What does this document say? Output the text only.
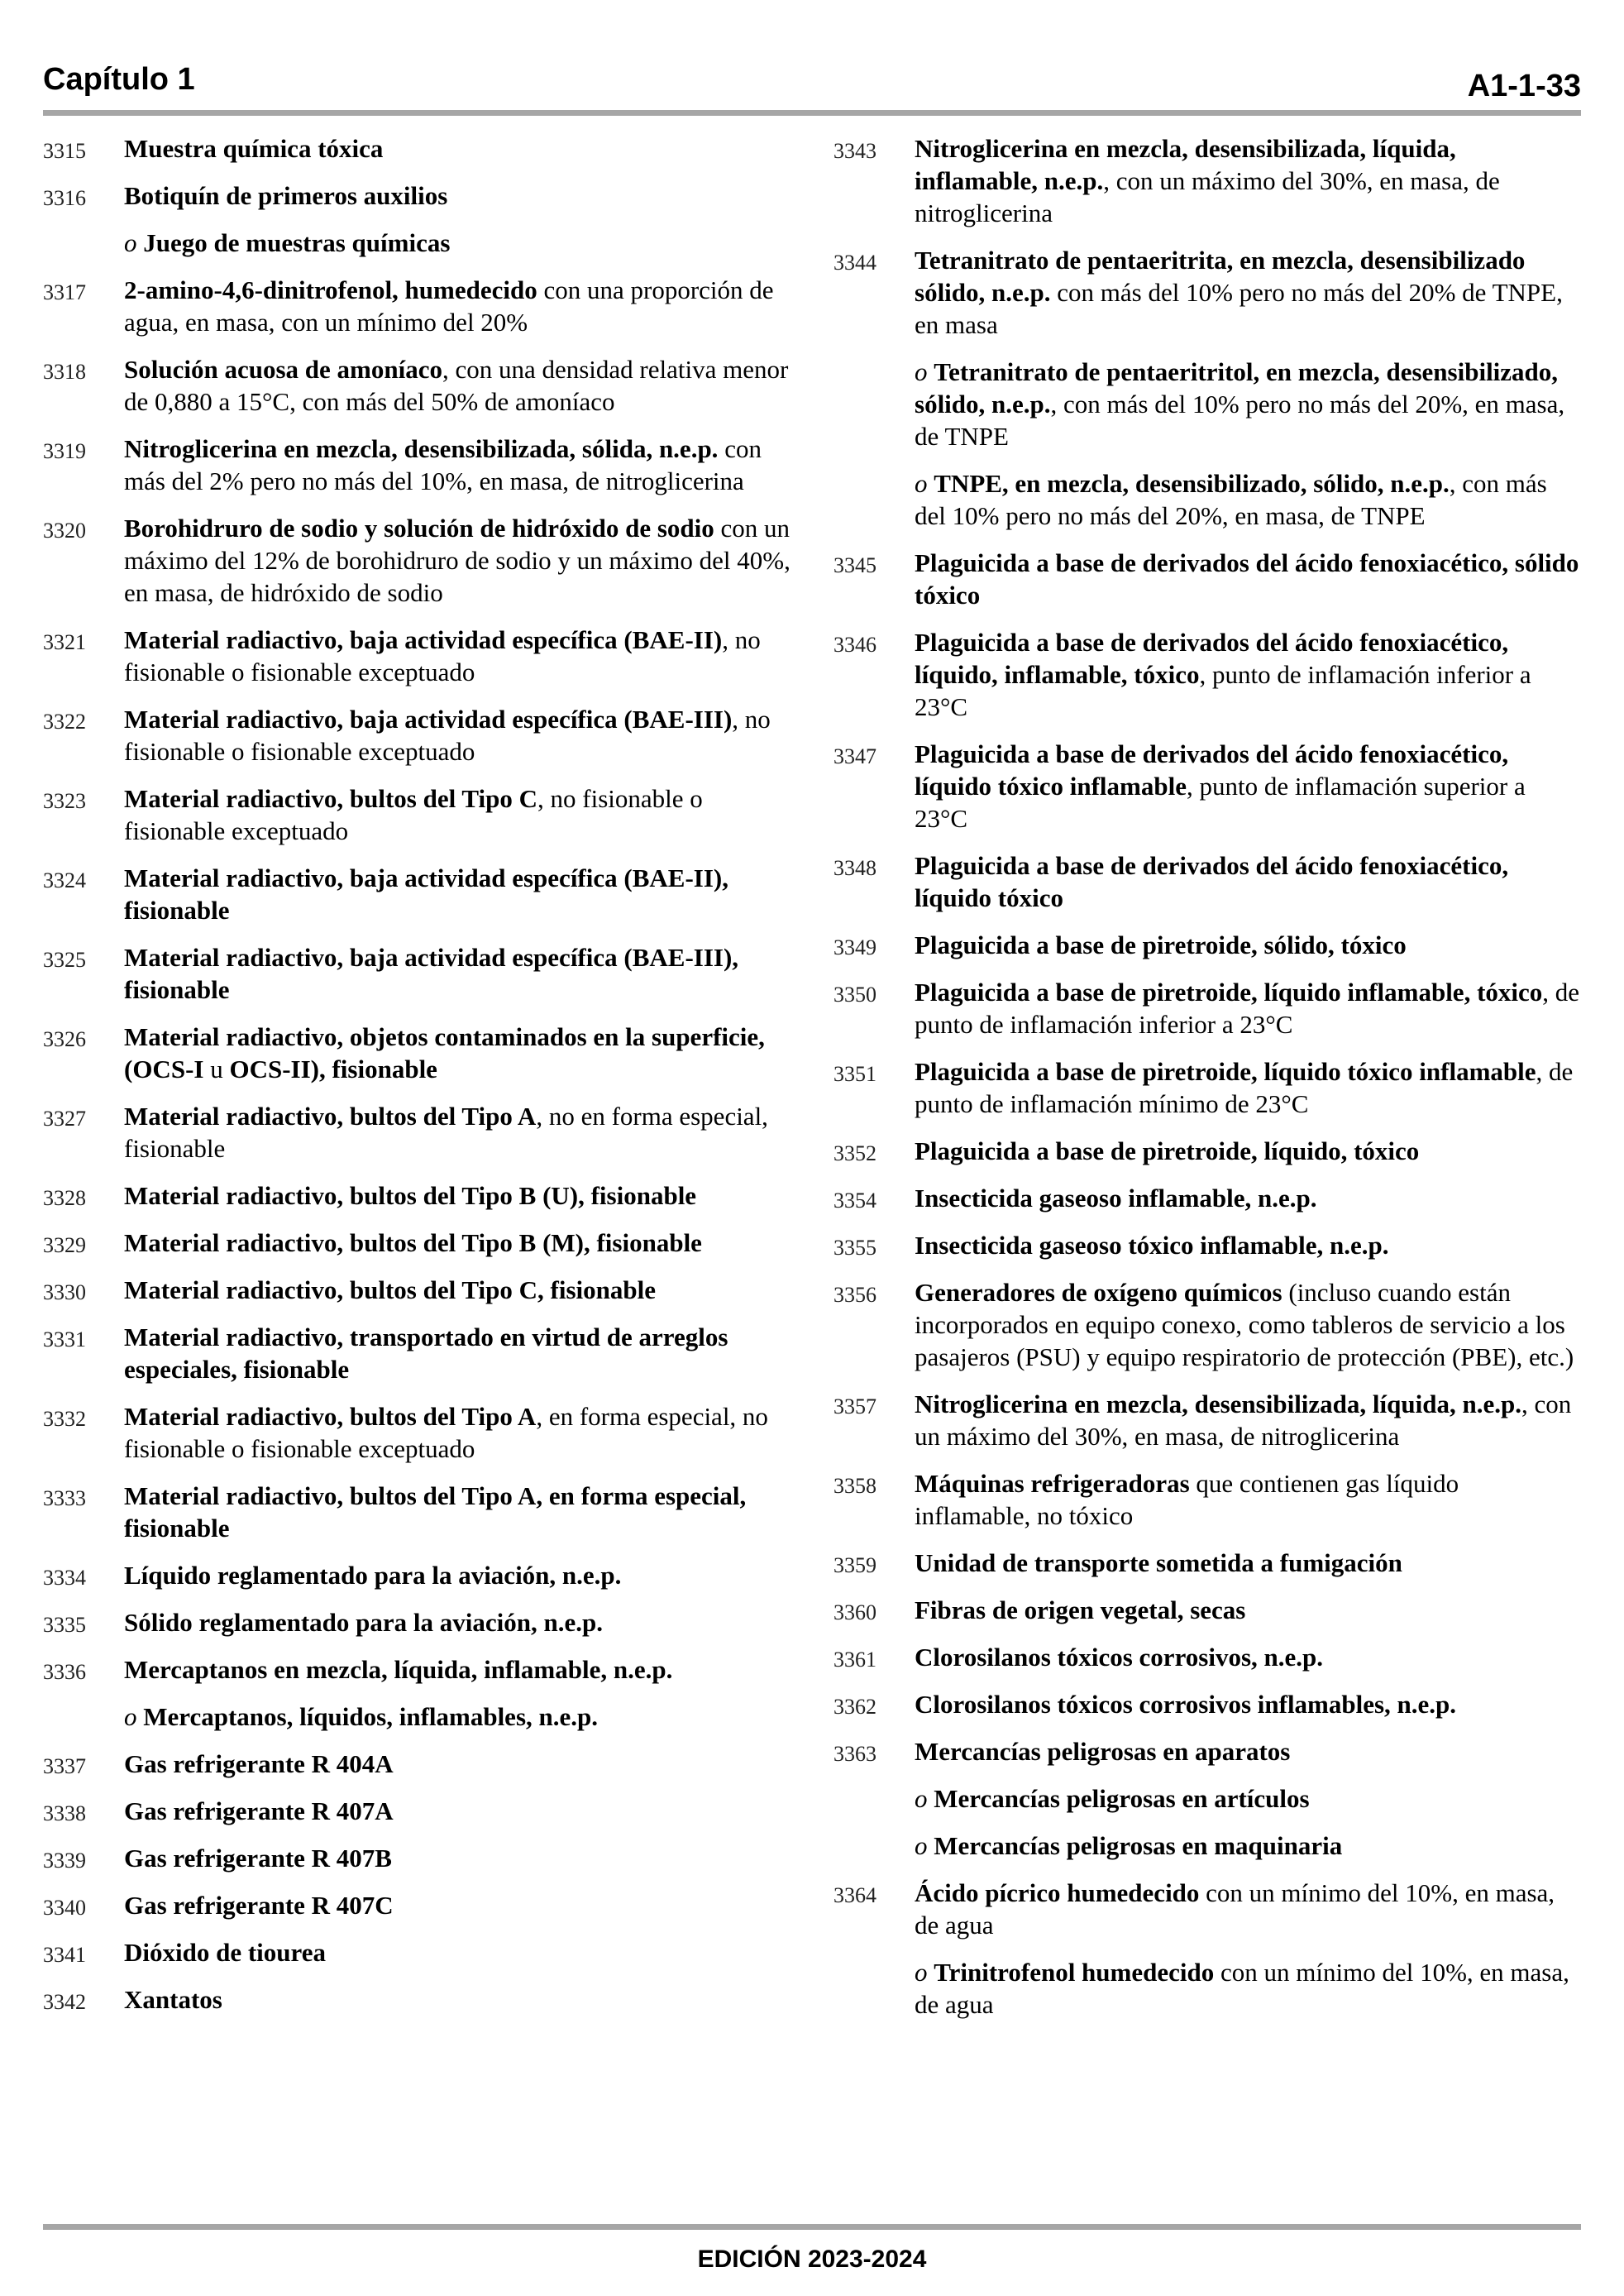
Capítulo 1	A1-1-33
3315 Muestra química tóxica
3316 Botiquín de primeros auxilios
o Juego de muestras químicas
3317 2-amino-4,6-dinitrofenol, humedecido con una proporción de agua, en masa, con un mínimo del 20%
3318 Solución acuosa de amoníaco, con una densidad relativa menor de 0,880 a 15°C, con más del 50% de amoníaco
3319 Nitroglicerina en mezcla, desensibilizada, sólida, n.e.p. con más del 2% pero no más del 10%, en masa, de nitroglicerina
3320 Borohidruro de sodio y solución de hidróxido de sodio con un máximo del 12% de borohidruro de sodio y un máximo del 40%, en masa, de hidróxido de sodio
3321 Material radiactivo, baja actividad específica (BAE-II), no fisionable o fisionable exceptuado
3322 Material radiactivo, baja actividad específica (BAE-III), no fisionable o fisionable exceptuado
3323 Material radiactivo, bultos del Tipo C, no fisionable o fisionable exceptuado
3324 Material radiactivo, baja actividad específica (BAE-II), fisionable
3325 Material radiactivo, baja actividad específica (BAE-III), fisionable
3326 Material radiactivo, objetos contaminados en la superficie, (OCS-I u OCS-II), fisionable
3327 Material radiactivo, bultos del Tipo A, no en forma especial, fisionable
3328 Material radiactivo, bultos del Tipo B (U), fisionable
3329 Material radiactivo, bultos del Tipo B (M), fisionable
3330 Material radiactivo, bultos del Tipo C, fisionable
3331 Material radiactivo, transportado en virtud de arreglos especiales, fisionable
3332 Material radiactivo, bultos del Tipo A, en forma especial, no fisionable o fisionable exceptuado
3333 Material radiactivo, bultos del Tipo A, en forma especial, fisionable
3334 Líquido reglamentado para la aviación, n.e.p.
3335 Sólido reglamentado para la aviación, n.e.p.
3336 Mercaptanos en mezcla, líquida, inflamable, n.e.p.
o Mercaptanos, líquidos, inflamables, n.e.p.
3337 Gas refrigerante R 404A
3338 Gas refrigerante R 407A
3339 Gas refrigerante R 407B
3340 Gas refrigerante R 407C
3341 Dióxido de tiourea
3342 Xantatos
3343 Nitroglicerina en mezcla, desensibilizada, líquida, inflamable, n.e.p., con un máximo del 30%, en masa, de nitroglicerina
3344 Tetranitrato de pentaeritrita, en mezcla, desensibilizado sólido, n.e.p. con más del 10% pero no más del 20% de TNPE, en masa
o Tetranitrato de pentaeritritol, en mezcla, desensibilizado, sólido, n.e.p., con más del 10% pero no más del 20%, en masa, de TNPE
o TNPE, en mezcla, desensibilizado, sólido, n.e.p., con más del 10% pero no más del 20%, en masa, de TNPE
3345 Plaguicida a base de derivados del ácido fenoxiacético, sólido tóxico
3346 Plaguicida a base de derivados del ácido fenoxiacético, líquido, inflamable, tóxico, punto de inflamación inferior a 23°C
3347 Plaguicida a base de derivados del ácido fenoxiacético, líquido tóxico inflamable, punto de inflamación superior a 23°C
3348 Plaguicida a base de derivados del ácido fenoxiacético, líquido tóxico
3349 Plaguicida a base de piretroide, sólido, tóxico
3350 Plaguicida a base de piretroide, líquido inflamable, tóxico, de punto de inflamación inferior a 23°C
3351 Plaguicida a base de piretroide, líquido tóxico inflamable, de punto de inflamación mínimo de 23°C
3352 Plaguicida a base de piretroide, líquido, tóxico
3354 Insecticida gaseoso inflamable, n.e.p.
3355 Insecticida gaseoso tóxico inflamable, n.e.p.
3356 Generadores de oxígeno químicos (incluso cuando están incorporados en equipo conexo, como tableros de servicio a los pasajeros (PSU) y equipo respiratorio de protección (PBE), etc.)
3357 Nitroglicerina en mezcla, desensibilizada, líquida, n.e.p., con un máximo del 30%, en masa, de nitroglicerina
3358 Máquinas refrigeradoras que contienen gas líquido inflamable, no tóxico
3359 Unidad de transporte sometida a fumigación
3360 Fibras de origen vegetal, secas
3361 Clorosilanos tóxicos corrosivos, n.e.p.
3362 Clorosilanos tóxicos corrosivos inflamables, n.e.p.
3363 Mercancías peligrosas en aparatos
o Mercancías peligrosas en artículos
o Mercancías peligrosas en maquinaria
3364 Ácido pícrico humedecido con un mínimo del 10%, en masa, de agua
o Trinitrofenol humedecido con un mínimo del 10%, en masa, de agua
EDICIÓN 2023-2024
